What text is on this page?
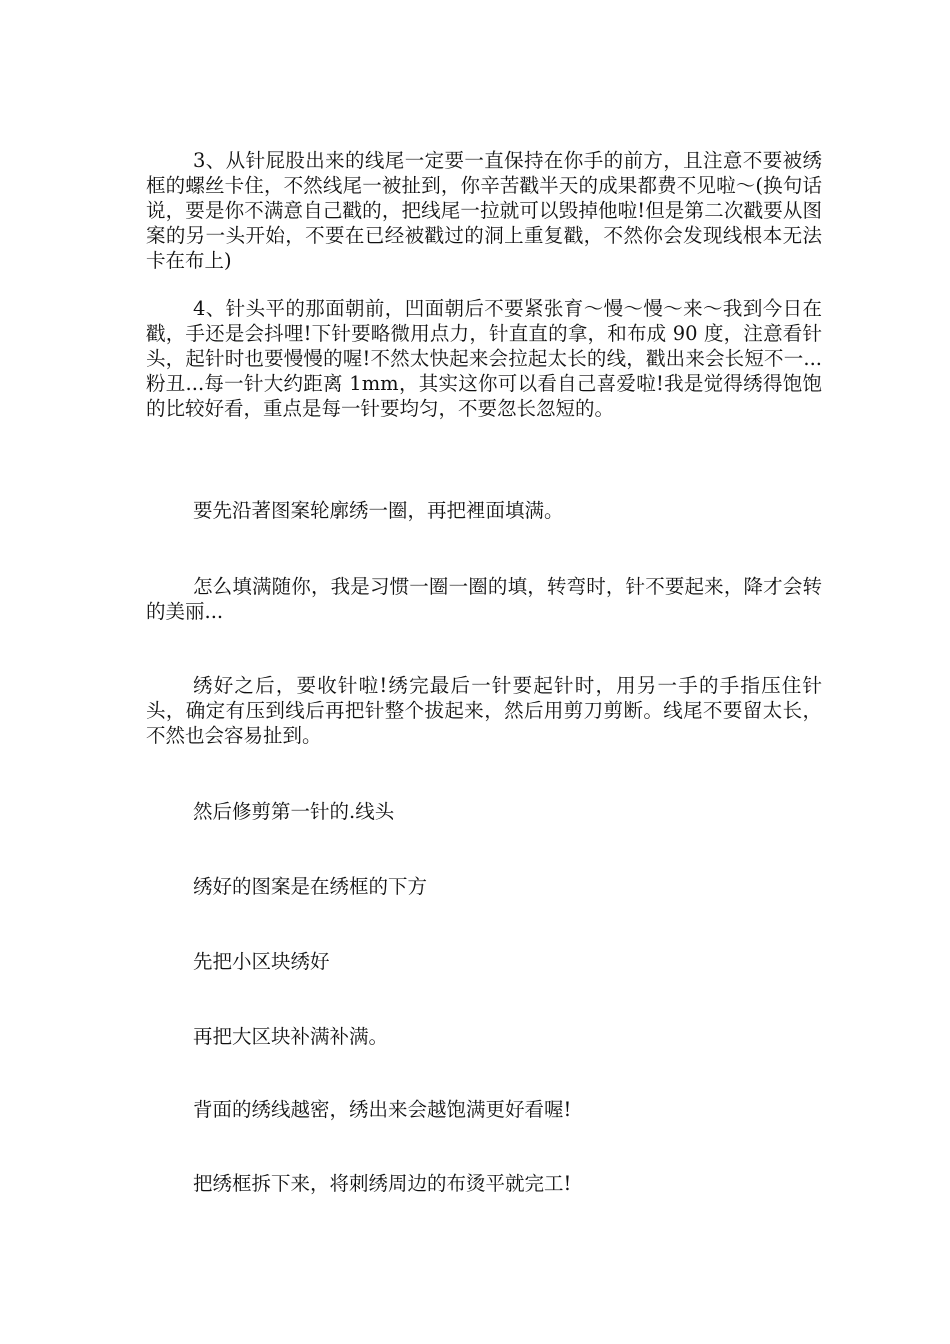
3、从针屁股出来的线尾一定要一直保持在你手的前方，且注意不要被绣框的螺丝卡住，不然线尾一被扯到，你辛苦戳半天的成果都费不见啦～(换句话说，要是你不满意自己戳的，把线尾一拉就可以毁掉他啦!但是第二次戳要从图案的另一头开始，不要在已经被戳过的洞上重复戳，不然你会发现线根本无法卡在布上)

4、针头平的那面朝前，凹面朝后不要紧张育～慢～慢～来～我到今日在戳，手还是会抖哩!下针要略微用点力，针直直的拿，和布成 90 度，注意看针头，起针时也要慢慢的喔!不然太快起来会拉起太长的线，戳出来会长短不一...粉丑...每一针大约距离 1mm，其实这你可以看自己喜爱啦!我是觉得绣得饱饱的比较好看，重点是每一针要均匀，不要忽长忽短的。

要先沿著图案轮廓绣一圈，再把裡面填满。

怎么填满随你，我是习惯一圈一圈的填，转弯时，针不要起来，降才会转的美丽...

绣好之后，要收针啦!绣完最后一针要起针时，用另一手的手指压住针头，确定有压到线后再把针整个拔起来，然后用剪刀剪断。线尾不要留太长，不然也会容易扯到。

然后修剪第一针的.线头

绣好的图案是在绣框的下方

先把小区块绣好

再把大区块补满补满。

背面的绣线越密，绣出来会越饱满更好看喔!

把绣框拆下来，将刺绣周边的布烫平就完工!
